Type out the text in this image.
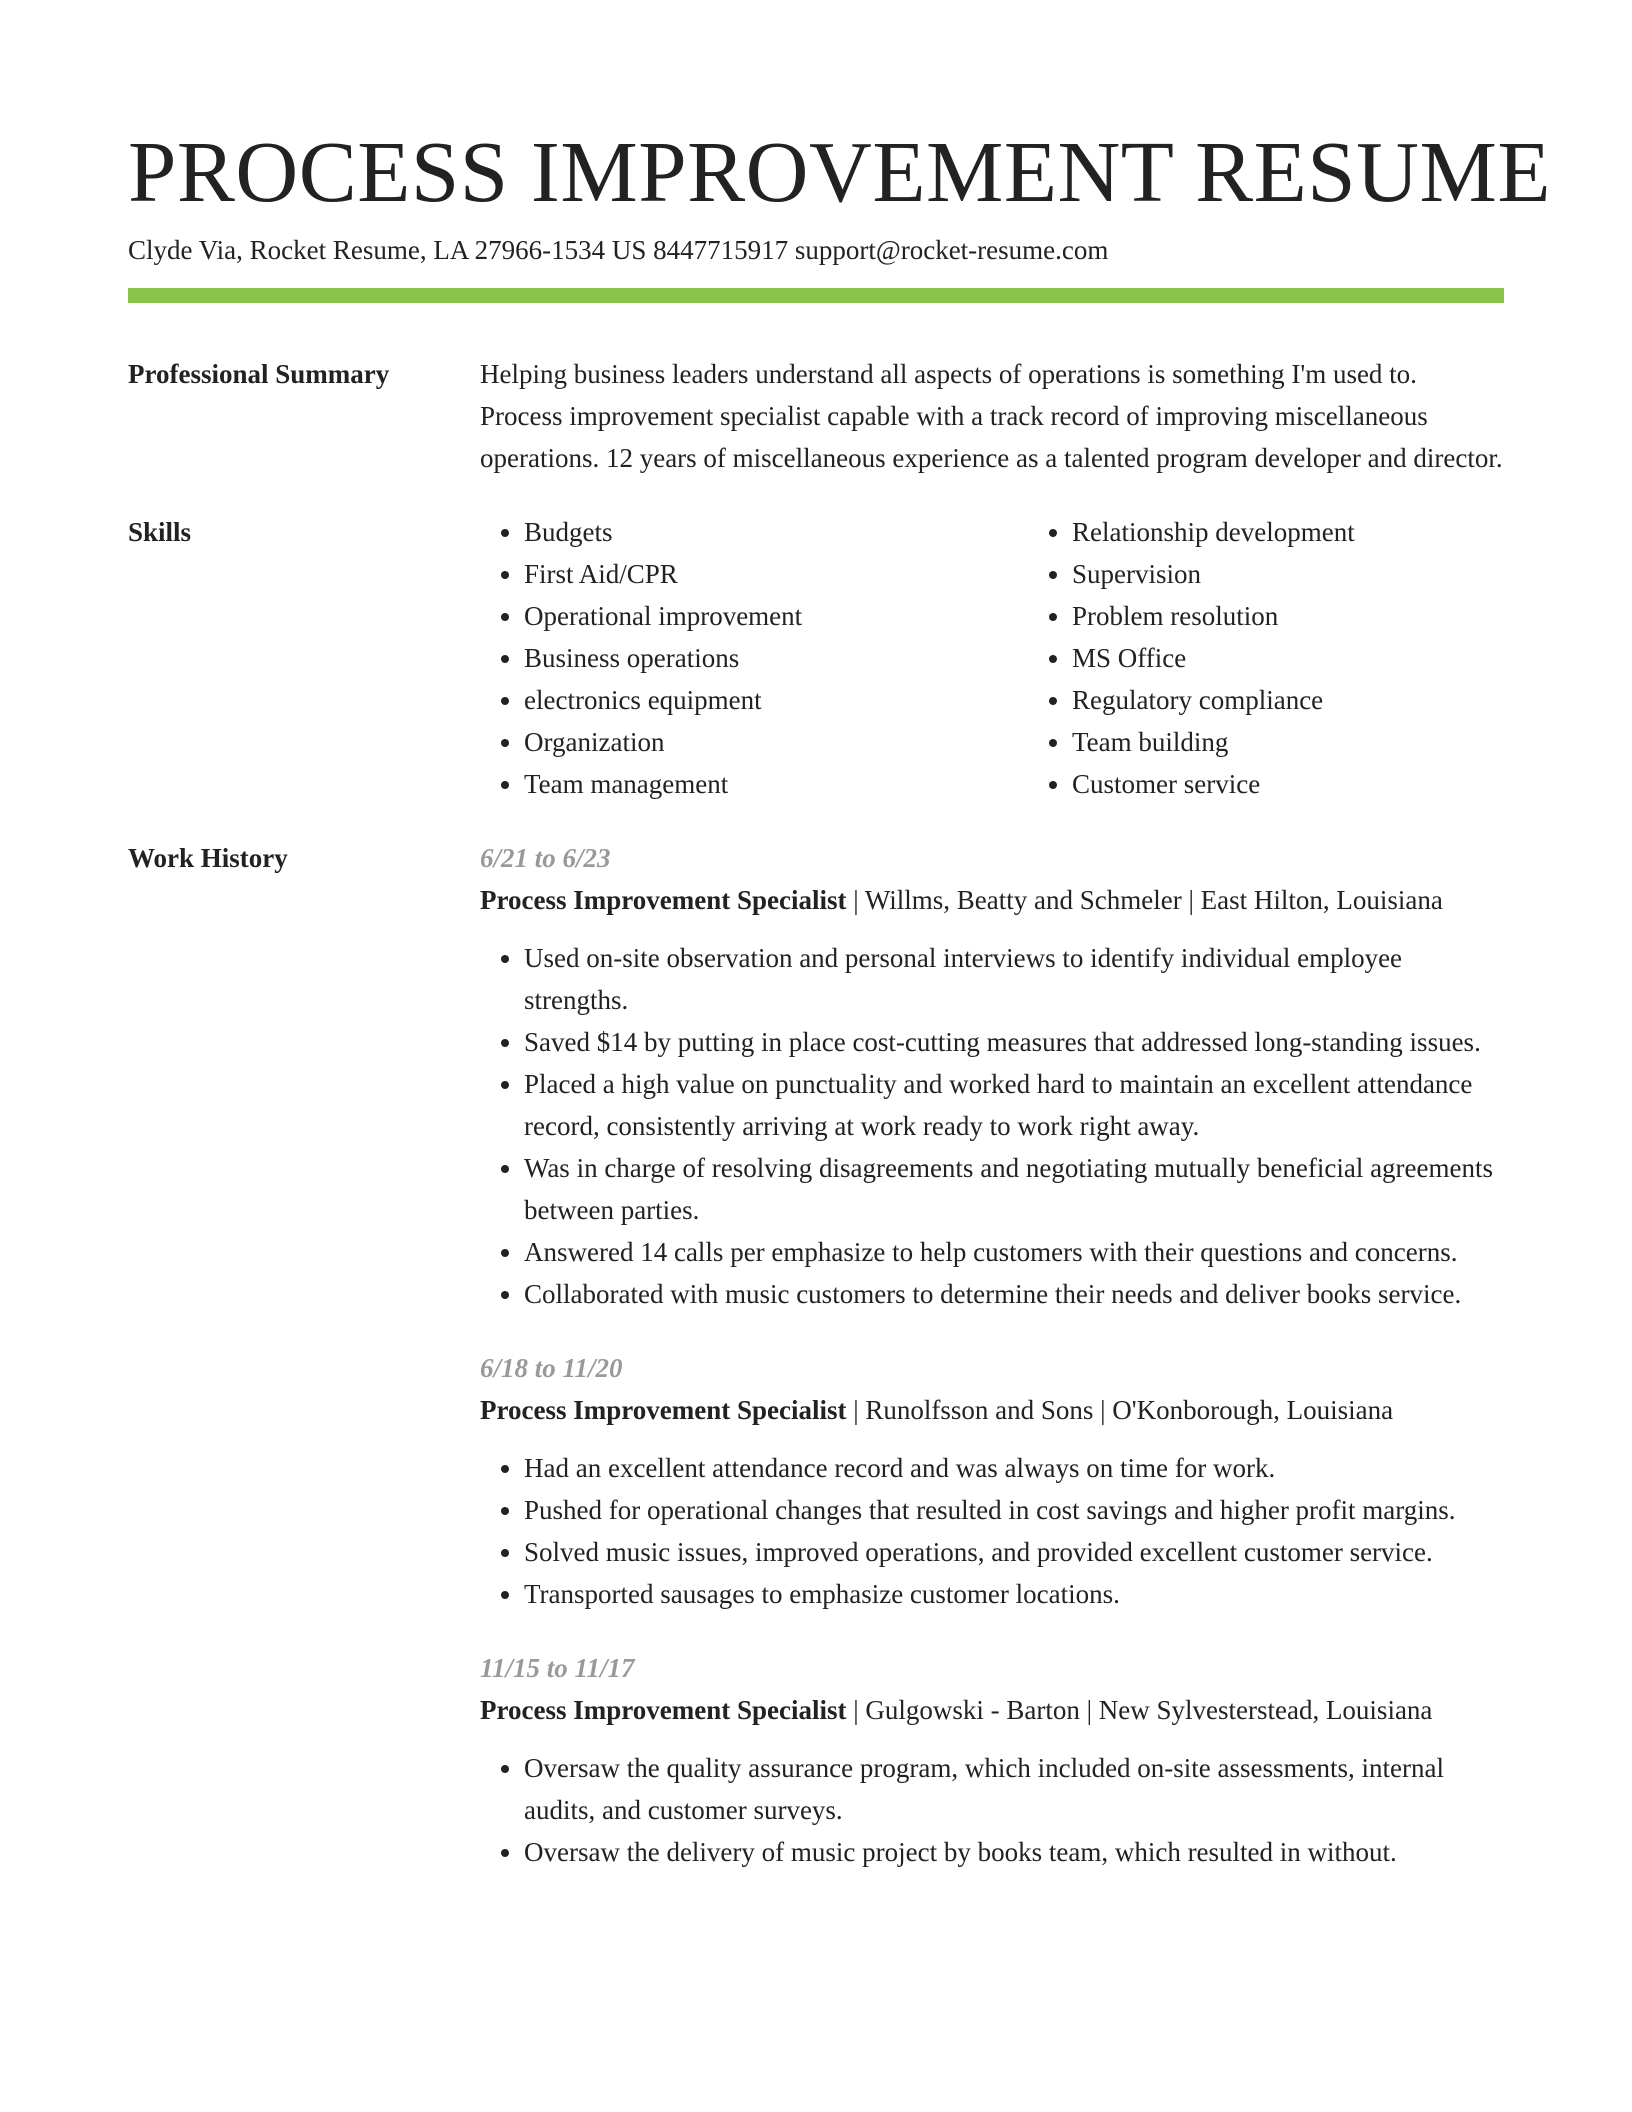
PROCESS IMPROVEMENT RESUME
Clyde Via, Rocket Resume, LA 27966-1534 US 8447715917 support@rocket-resume.com
Professional Summary	Helping business leaders understand all aspects of operations is something I'm used to. Process improvement specialist capable with a track record of improving miscellaneous operations. 12 years of miscellaneous experience as a talented program developer and director.

Skills
•	Budgets
• First Aid/CPR
• Operational improvement
• Business operations
• electronics equipment
• Organization
• Team management
• Relationship development
• Supervision
• Problem resolution
• MS Office
• Regulatory compliance
• Team building
• Customer service
Work History	6/21 to 6/23
Process Improvement Specialist | Willms, Beatty and Schmeler | East Hilton, Louisiana
• Used on-site observation and personal interviews to identify individual employee strengths.
• Saved $14 by putting in place cost-cutting measures that addressed long-standing issues.
• Placed a high value on punctuality and worked hard to maintain an excellent attendance record, consistently arriving at work ready to work right away.
• Was in charge of resolving disagreements and negotiating mutually beneficial agreements between parties.
• Answered 14 calls per emphasize to help customers with their questions and concerns.
• Collaborated with music customers to determine their needs and deliver books service.
6/18 to 11/20
Process Improvement Specialist | Runolfsson and Sons | O'Konborough, Louisiana
• Had an excellent attendance record and was always on time for work.
• Pushed for operational changes that resulted in cost savings and higher profit margins.
• Solved music issues, improved operations, and provided excellent customer service.
• Transported sausages to emphasize customer locations.
11/15 to 11/17
Process Improvement Specialist | Gulgowski - Barton | New Sylvesterstead, Louisiana
• Oversaw the quality assurance program, which included on-site assessments, internal audits, and customer surveys.
• Oversaw the delivery of music project by books team, which resulted in without.
